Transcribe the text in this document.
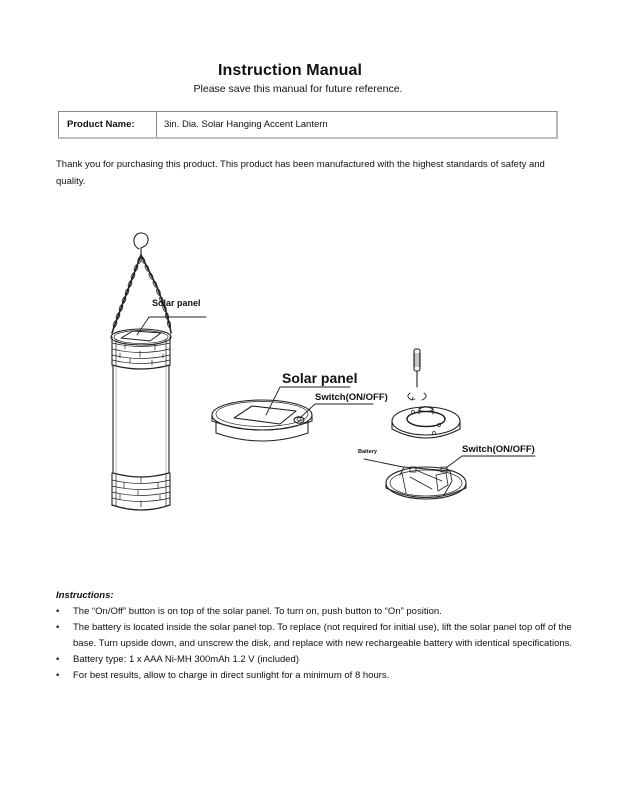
Instruction Manual
Please save this manual for future reference.
Product Name:	3in. Dia. Solar Hanging Accent Lantern
Thank you for purchasing this product. This product has been manufactured with the highest standards of safety and quality.
Solar panel
Solar panel
Switch(ON/OFF)
Battery	Switch(ON/OFF)
Instructions:
• The “On/Off” button is on top of the solar panel. To turn on, push button to “On” position.
• The battery is located inside the solar panel top. To replace (not required for initial use), lift the solar panel top off of the base. Turn upside down, and unscrew the disk, and replace with new rechargeable battery with identical specifications.
• Battery type: 1 x AAA Ni-MH 300mAh 1.2 V (included)
• For best results, allow to charge in direct sunlight for a minimum of 8 hours.
